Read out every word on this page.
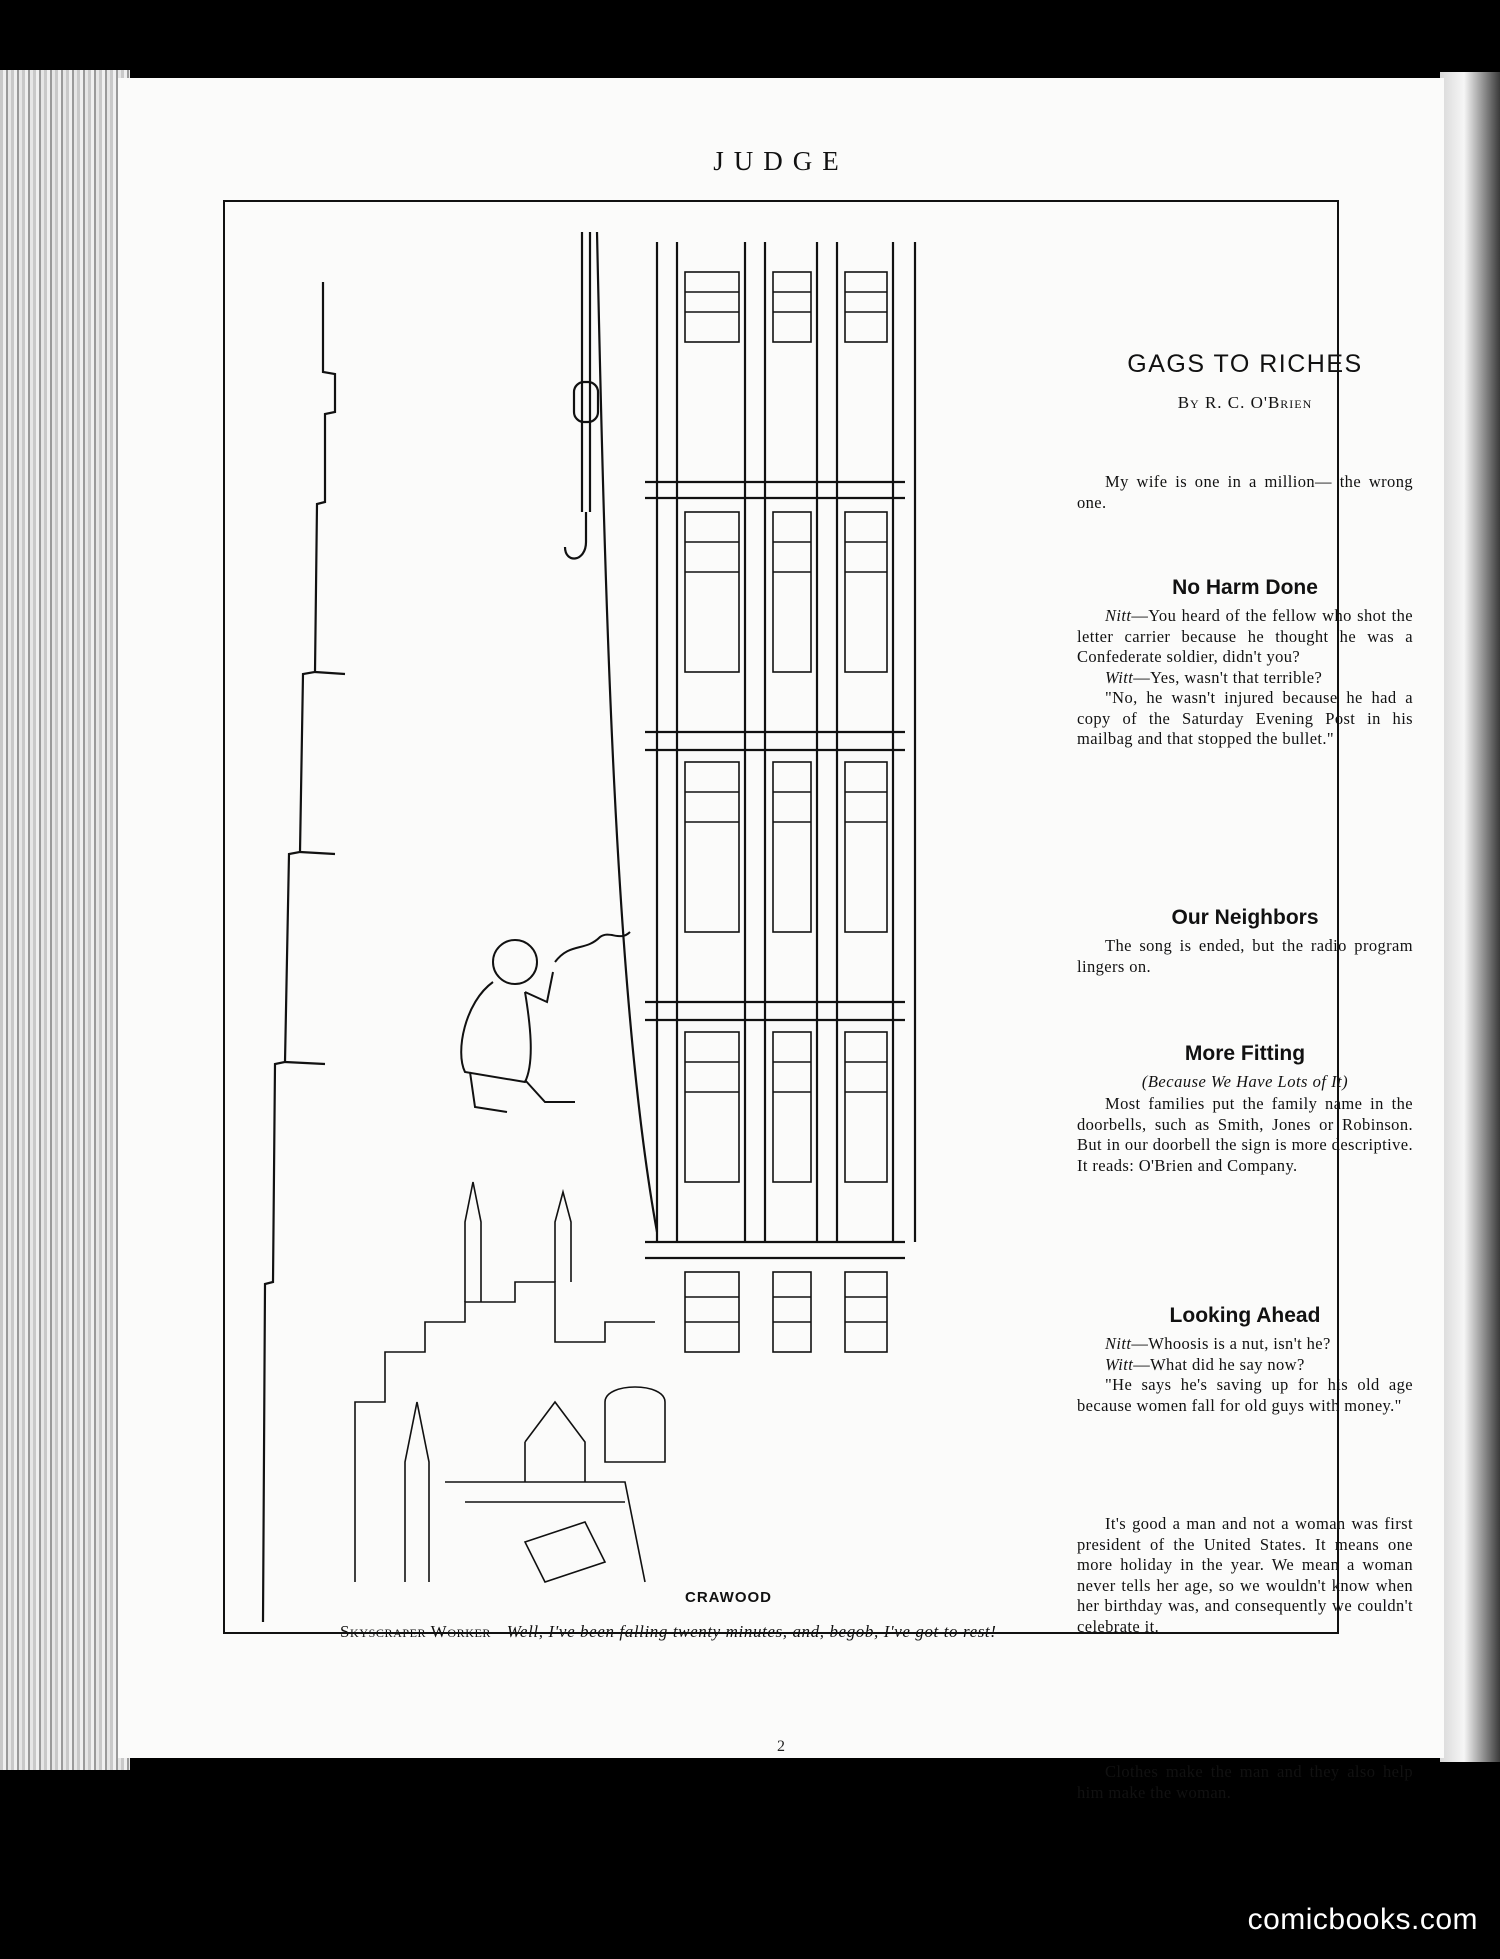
JUDGE
CRAWOOD
Skyscraper Worker—Well, I've been falling twenty minutes, and, begob, I've got to rest!
GAGS TO RICHES
By R. C. O'Brien

My wife is one in a million— the wrong one.

No Harm Done

Nitt—You heard of the fellow who shot the letter carrier because he thought he was a Confederate soldier, didn't you?

Witt—Yes, wasn't that terrible?

"No, he wasn't injured because he had a copy of the Saturday Evening Post in his mailbag and that stopped the bullet."

Our Neighbors

The song is ended, but the radio program lingers on.

More Fitting

(Because We Have Lots of It)

Most families put the family name in the doorbells, such as Smith, Jones or Robinson. But in our doorbell the sign is more descriptive. It reads: O'Brien and Company.

Looking Ahead

Nitt—Whoosis is a nut, isn't he?

Witt—What did he say now?

"He says he's saving up for his old age because women fall for old guys with money."

It's good a man and not a woman was first president of the United States. It means one more holiday in the year. We mean a woman never tells her age, so we wouldn't know when her birthday was, and consequently we couldn't celebrate it.

Clothes make the man and they also help him make the woman.

2
comicbooks.com
